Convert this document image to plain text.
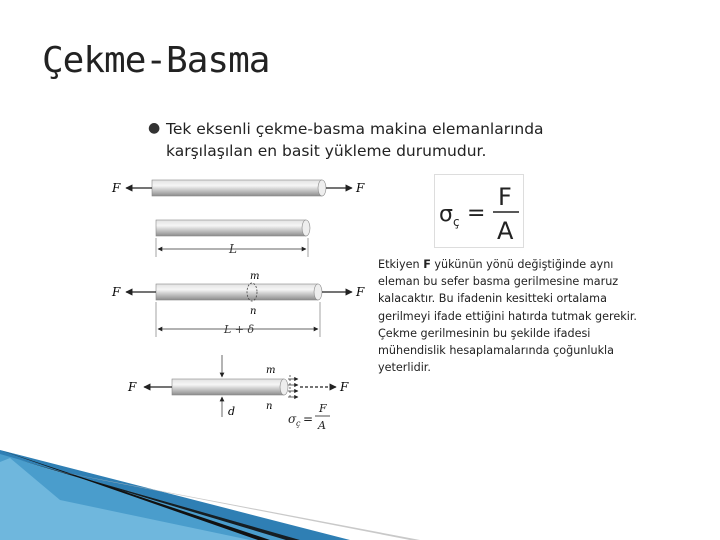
Çekme-Basma
● Tek eksenli çekme-basma makina elemanlarında karşılaşılan en basit yükleme durumudur.
F	F
L
F	F
m
n
L + δ
d
F	F
m
n
σ ç =
F
A
σ ç =
F
A
Etkiyen F yükünün yönü değiştiğinde aynı eleman bu sefer basma gerilmesine maruz kalacaktır. Bu ifadenin kesitteki ortalama gerilmeyi ifade ettiğini hatırda tutmak gerekir. Çekme gerilmesinin bu şekilde ifadesi mühendislik hesaplamalarında çoğunlukla yeterlidir.
